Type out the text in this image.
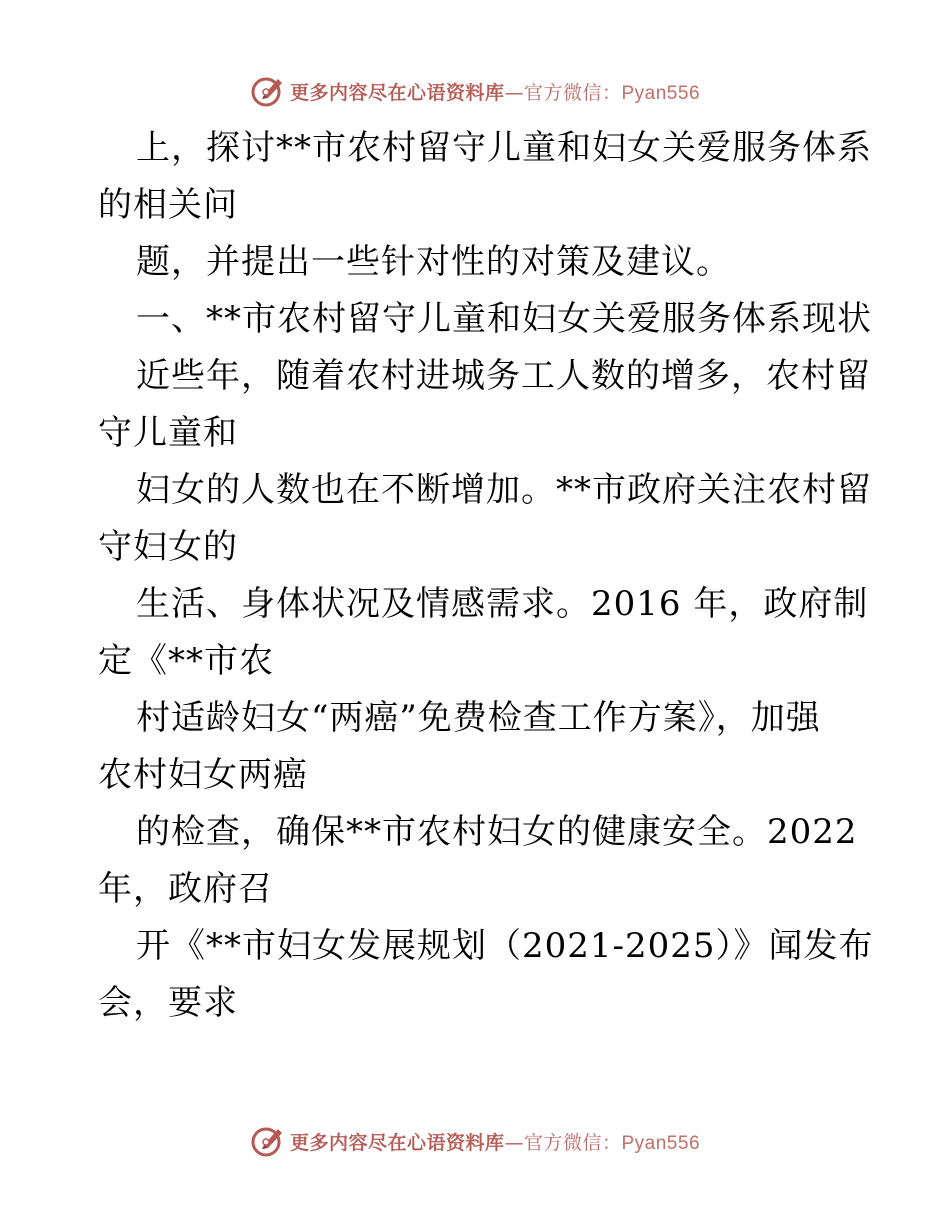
更多内容尽在心语资料库—官方微信：Pyan556
上，探讨**市农村留守儿童和妇女关爱服务体系
的相关问
题，并提出一些针对性的对策及建议。
一、**市农村留守儿童和妇女关爱服务体系现状
近些年，随着农村进城务工人数的增多，农村留
守儿童和
妇女的人数也在不断增加。**市政府关注农村留
守妇女的
生活、身体状况及情感需求。2016 年，政府制
定《**市农
村适龄妇女“两癌”免费检查工作方案》，加强
农村妇女两癌
的检查，确保**市农村妇女的健康安全。2022
年，政府召
开《**市妇女发展规划（2021-2025）》闻发布
会，要求
更多内容尽在心语资料库—官方微信：Pyan556
